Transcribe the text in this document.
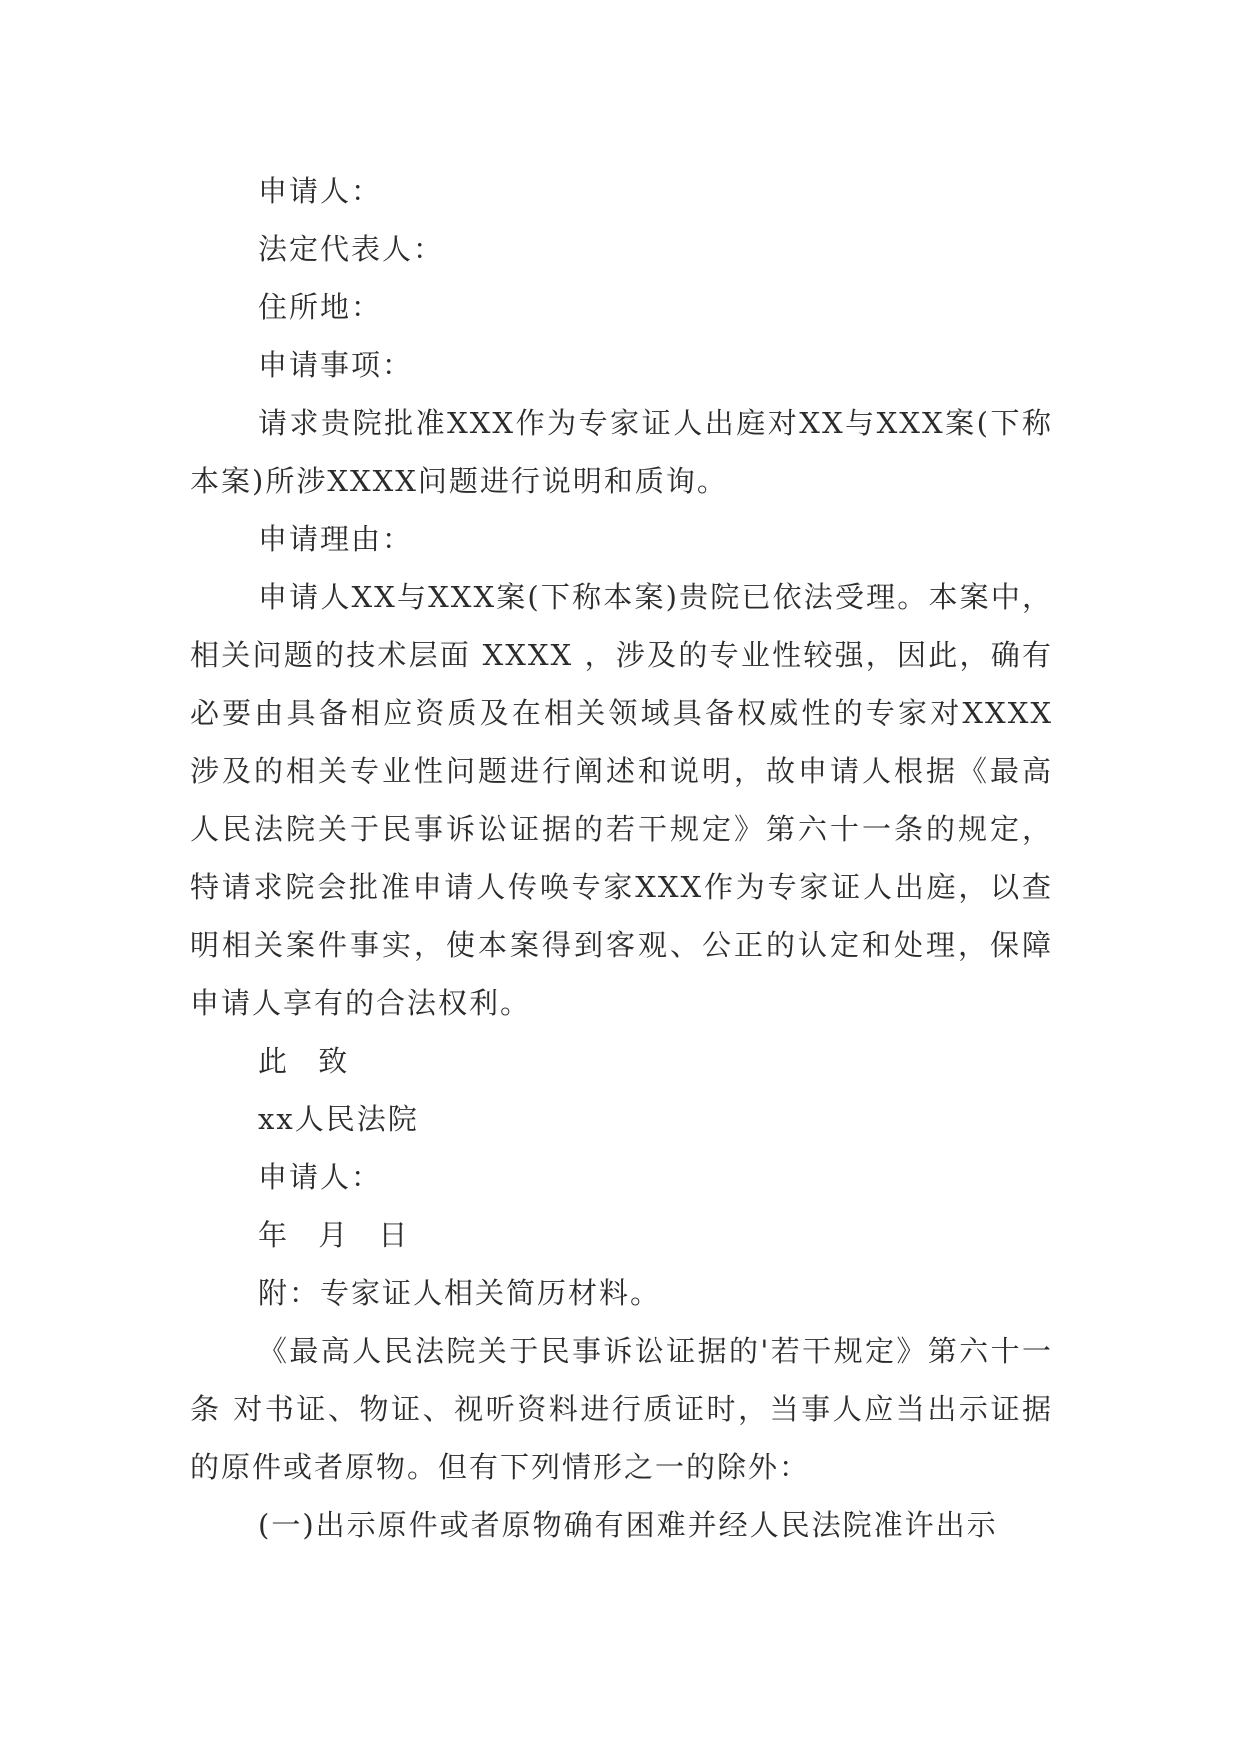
申请人：

法定代表人：

住所地：

申请事项：

请求贵院批准XXX作为专家证人出庭对XX与XXX案(下称本案)所涉XXXX问题进行说明和质询。

申请理由：

申请人XX与XXX案(下称本案)贵院已依法受理。本案中，相关问题的技术层面 XXXX ，涉及的专业性较强，因此，确有必要由具备相应资质及在相关领域具备权威性的专家对XXXX涉及的相关专业性问题进行阐述和说明，故申请人根据《最高人民法院关于民事诉讼证据的若干规定》第六十一条的规定，特请求院会批准申请人传唤专家XXX作为专家证人出庭，以查明相关案件事实，使本案得到客观、公正的认定和处理，保障申请人享有的合法权利。

此 致

xx人民法院

申请人：

年 月 日

附：专家证人相关简历材料。

《最高人民法院关于民事诉讼证据的'若干规定》第六十一条 对书证、物证、视听资料进行质证时，当事人应当出示证据的原件或者原物。但有下列情形之一的除外：

(一)出示原件或者原物确有困难并经人民法院准许出示
